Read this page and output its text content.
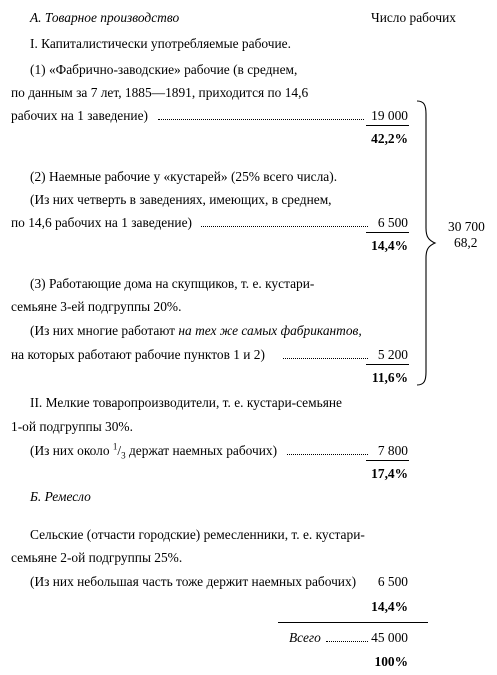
А. Товарное производство	Число рабочих
I. Капиталистически употребляемые рабочие.
(1) «Фабрично-заводские» рабочие (в среднем,
по данным за 7 лет, 1885—1891, приходится по 14,6
рабочих на 1 заведение)	19 000
42,2%
(2) Наемные рабочие у «кустарей» (25% всего числа).
(Из них четверть в заведениях, имеющих, в среднем,
по 14,6 рабочих на 1 заведение)	6 500
14,4%
(3) Работающие дома на скупщиков, т. е. кустари-
семьяне 3-ей подгруппы 20%.
(Из них многие работают на тех же самых фабрикантов,
на которых работают рабочие пунктов 1 и 2)	5 200
11,6%
30 700
68,2
II. Мелкие товаропроизводители, т. е. кустари-семьяне
1-ой подгруппы 30%.
(Из них около $^1/_3$ держат наемных рабочих)	7 800
17,4%
Б. Ремесло
Сельские (отчасти городские) ремесленники, т. е. кустари-
семьяне 2-ой подгруппы 25%.
(Из них небольшая часть тоже держит наемных рабочих) 6 500
14,4%
Всего	45 000
100%
